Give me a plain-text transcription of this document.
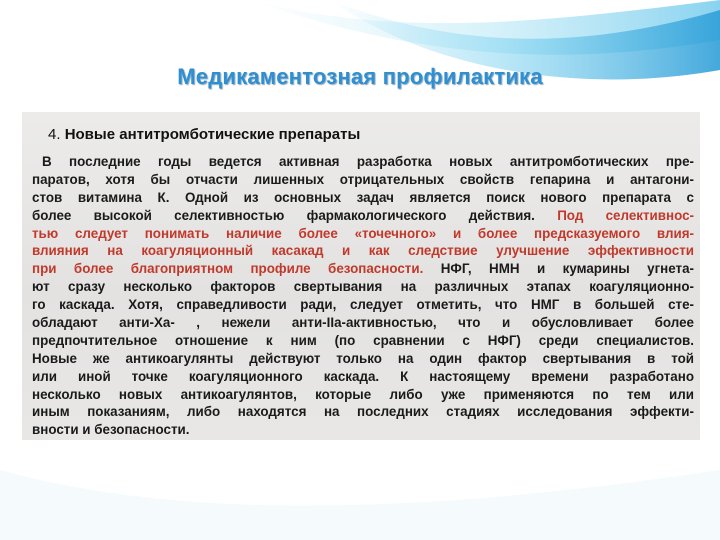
Медикаментозная профилактика
4. Новые антитромботические препараты
В последние годы ведется активная разработка новых антитромботических пре-
паратов, хотя бы отчасти лишенных отрицательных свойств гепарина и антагони-
стов витамина К. Одной из основных задач является поиск нового препарата с
более высокой селективностью фармакологического действия. Под селективнос-
тью следует понимать наличие более «точечного» и более предсказуемого влия-
влияния на коагуляционный касакад и как следствие улучшение эффективности
при более благоприятном профиле безопасности. НФГ, НМН и кумарины угнета-
ют сразу несколько факторов свертывания на различных этапах коагуляционно-
го каскада. Хотя, справедливости ради, следует отметить, что НМГ в большей сте-
обладают анти-Ха- , нежели анти-IIa-активностью, что и обусловливает более
предпочтительное отношение к ним (по сравнении с НФГ) среди специалистов.
Новые же антикоагулянты действуют только на один фактор свертывания в той
или иной точке коагуляционного каскада. К настоящему времени разработано
несколько новых антикоагулянтов, которые либо уже применяются по тем или
иным показаниям, либо находятся на последних стадиях исследования эффекти-
вности и безопасности.
